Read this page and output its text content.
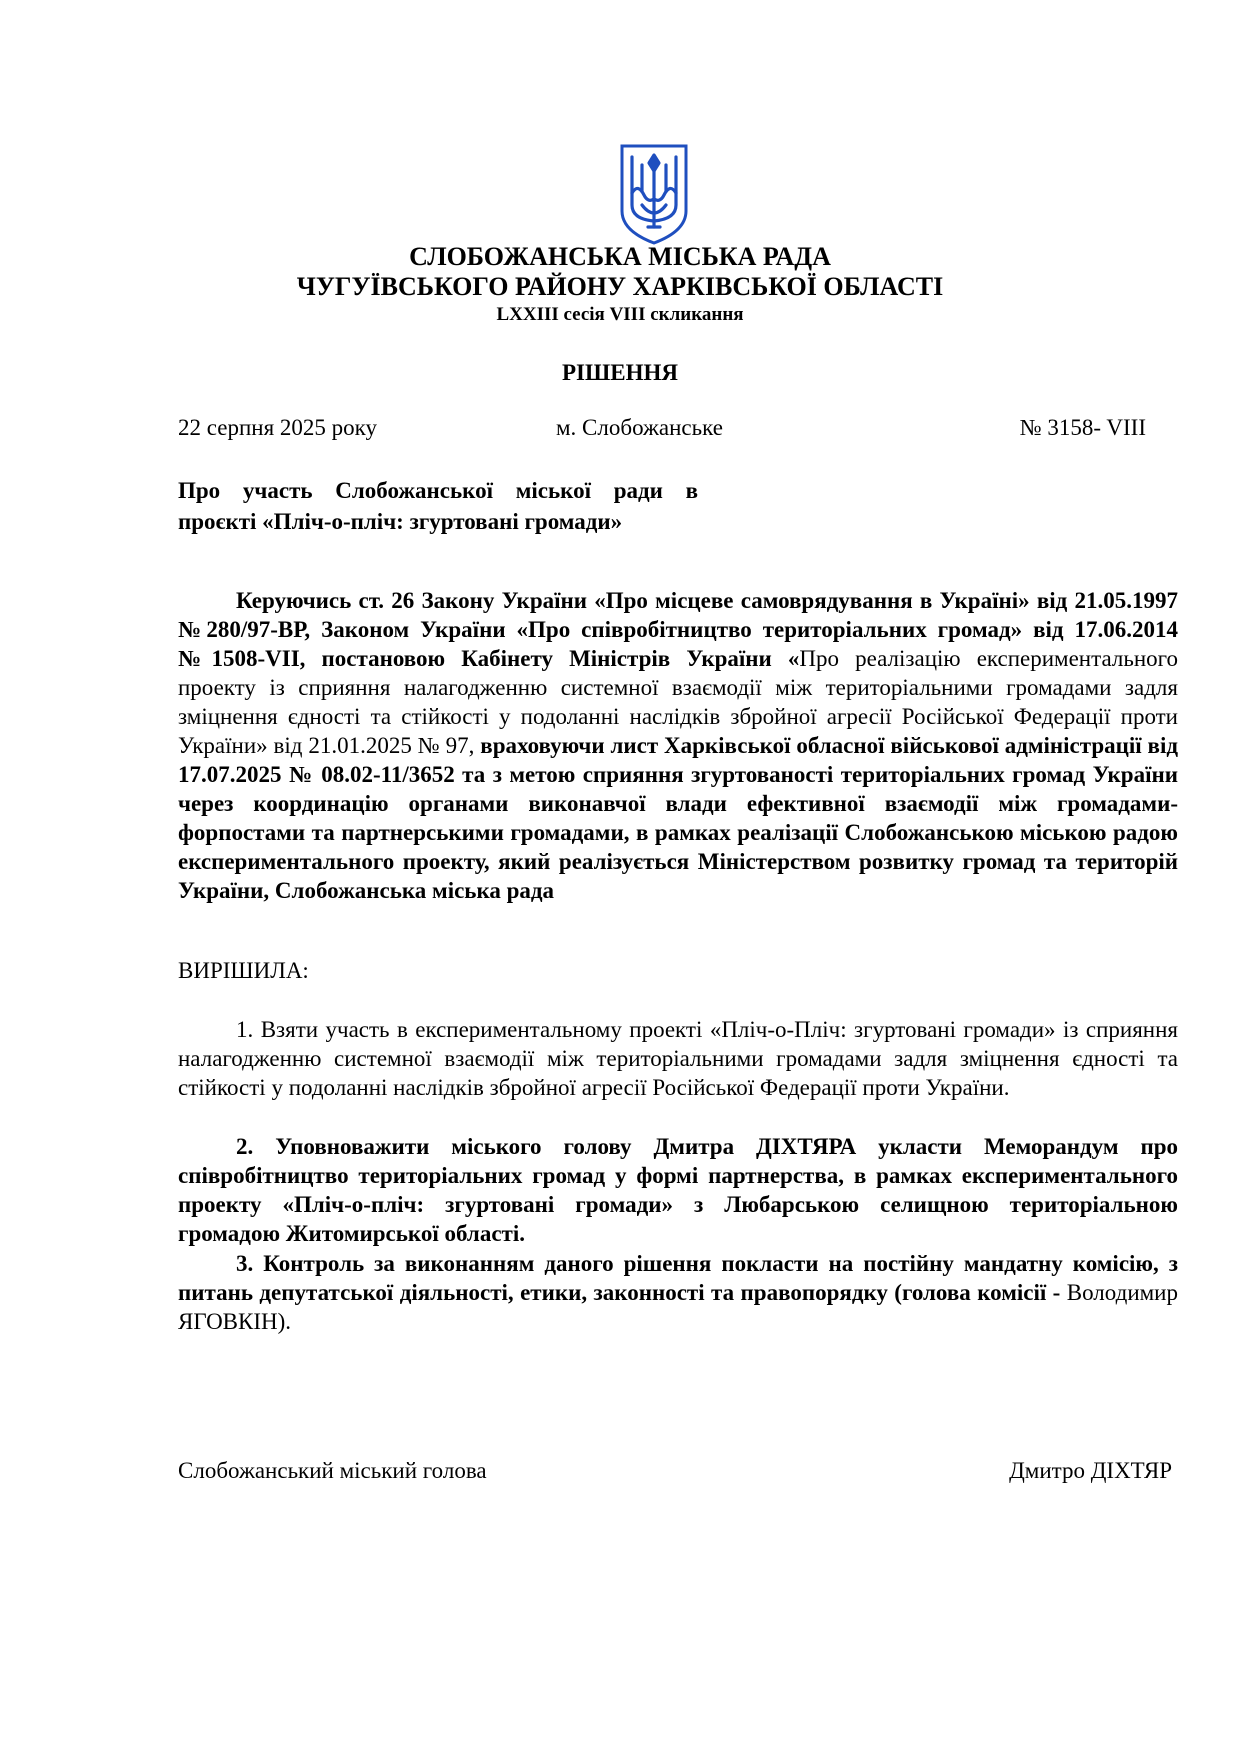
СЛОБОЖАНСЬКА МІСЬКА РАДА
ЧУГУЇВСЬКОГО РАЙОНУ ХАРКІВСЬКОЇ ОБЛАСТІ
LXXIII сесія VIII скликання
РІШЕННЯ
22 серпня 2025 року	м. Слобожанське	№ 3158- VIII
Про участь Слобожанської міської ради в
проєкті «Пліч-о-пліч: згуртовані громади»

Керуючись ст. 26 Закону України «Про місцеве самоврядування в Україні» від 21.05.1997 №280/97-ВР, Законом України «Про співробітництво територіальних громад» від 17.06.2014 №1508-VII, постановою Кабінету Міністрів України «Про реалізацію експериментального проекту із сприяння налагодженню системної взаємодії між територіальними громадами задля зміцнення єдності та стійкості у подоланні наслідків збройної агресії Російської Федерації проти України» від 21.01.2025 № 97, враховуючи лист Харківської обласної військової адміністрації від 17.07.2025 № 08.02-11/3652 та з метою сприяння згуртованості територіальних громад України через координацію органами виконавчої влади ефективної взаємодії між громадами-форпостами та партнерськими громадами, в рамках реалізації Слобожанською міською радою експериментального проекту, який реалізується Міністерством розвитку громад та територій України, Слобожанська міська рада

ВИРІШИЛА:

1. Взяти участь в експериментальному проекті «Пліч-о-Пліч: згуртовані громади» із сприяння налагодженню системної взаємодії між територіальними громадами задля зміцнення єдності та стійкості у подоланні наслідків збройної агресії Російської Федерації проти України.

2. Уповноважити міського голову Дмитра ДІХТЯРА укласти Меморандум про співробітництво територіальних громад у формі партнерства, в рамках експериментального проекту «Пліч-о-пліч: згуртовані громади» з Любарською селищною територіальною громадою Житомирської області.

3. Контроль за виконанням даного рішення покласти на постійну мандатну комісію, з питань депутатської діяльності, етики, законності та правопорядку (голова комісії - Володимир ЯГОВКІН).

Слобожанський міський голова	Дмитро ДІХТЯР
